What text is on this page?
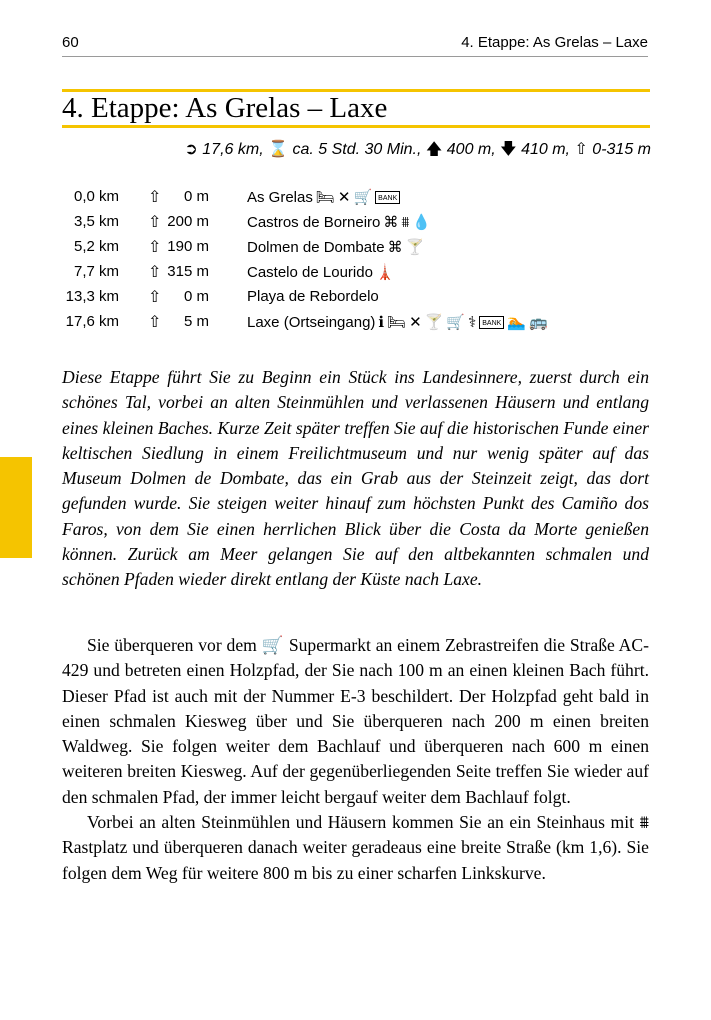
60	4. Etappe: As Grelas – Laxe
4. Etappe: As Grelas – Laxe
➲ 17,6 km, ⌛ ca. 5 Std. 30 Min., 🡅 400 m, 🡇 410 m, ⇧ 0-315 m
0,0 km ⇧ 0 m	As Grelas 🛏 ✕ 🛒 BANK
3,5 km ⇧ 200 m	Castros de Borneiro ⌘ ⩩ 💧
5,2 km ⇧ 190 m	Dolmen de Dombate ⌘ 🍸
7,7 km ⇧ 315 m	Castelo de Lourido 🗼
13,3 km ⇧ 0 m	Playa de Rebordelo
17,6 km ⇧ 5 m	Laxe (Ortseingang) ℹ 🛏 ✕ 🍸 🛒 ⚕ BANK 🏊 🚌

Diese Etappe führt Sie zu Beginn ein Stück ins Landesinnere, zuerst durch ein schönes Tal, vorbei an alten Steinmühlen und verlassenen Häusern und entlang eines kleinen Baches. Kurze Zeit später treffen Sie auf die historischen Funde einer keltischen Siedlung in einem Freilichtmuseum und nur wenig später auf das Museum Dolmen de Dombate, das ein Grab aus der Steinzeit zeigt, das dort gefunden wurde. Sie steigen weiter hinauf zum höchsten Punkt des Camiño dos Faros, von dem Sie einen herrlichen Blick über die Costa da Morte genießen können. Zurück am Meer gelangen Sie auf den altbekannten schmalen und schönen Pfaden wieder direkt entlang der Küste nach Laxe.

Sie überqueren vor dem 🛒 Supermarkt an einem Zebrastreifen die Straße AC-429 und betreten einen Holzpfad, der Sie nach 100 m an einen kleinen Bach führt. Dieser Pfad ist auch mit der Nummer E-3 beschildert. Der Holzpfad geht bald in einen schmalen Kiesweg über und Sie überqueren nach 200 m einen breiten Waldweg. Sie folgen weiter dem Bachlauf und überqueren nach 600 m einen weiteren breiten Kiesweg. Auf der gegenüberliegenden Seite treffen Sie wieder auf den schmalen Pfad, der immer leicht bergauf weiter dem Bachlauf folgt.

Vorbei an alten Steinmühlen und Häusern kommen Sie an ein Steinhaus mit ⩩ Rastplatz und überqueren danach weiter geradeaus eine breite Straße (km 1,6). Sie folgen dem Weg für weitere 800 m bis zu einer scharfen Linkskurve.
